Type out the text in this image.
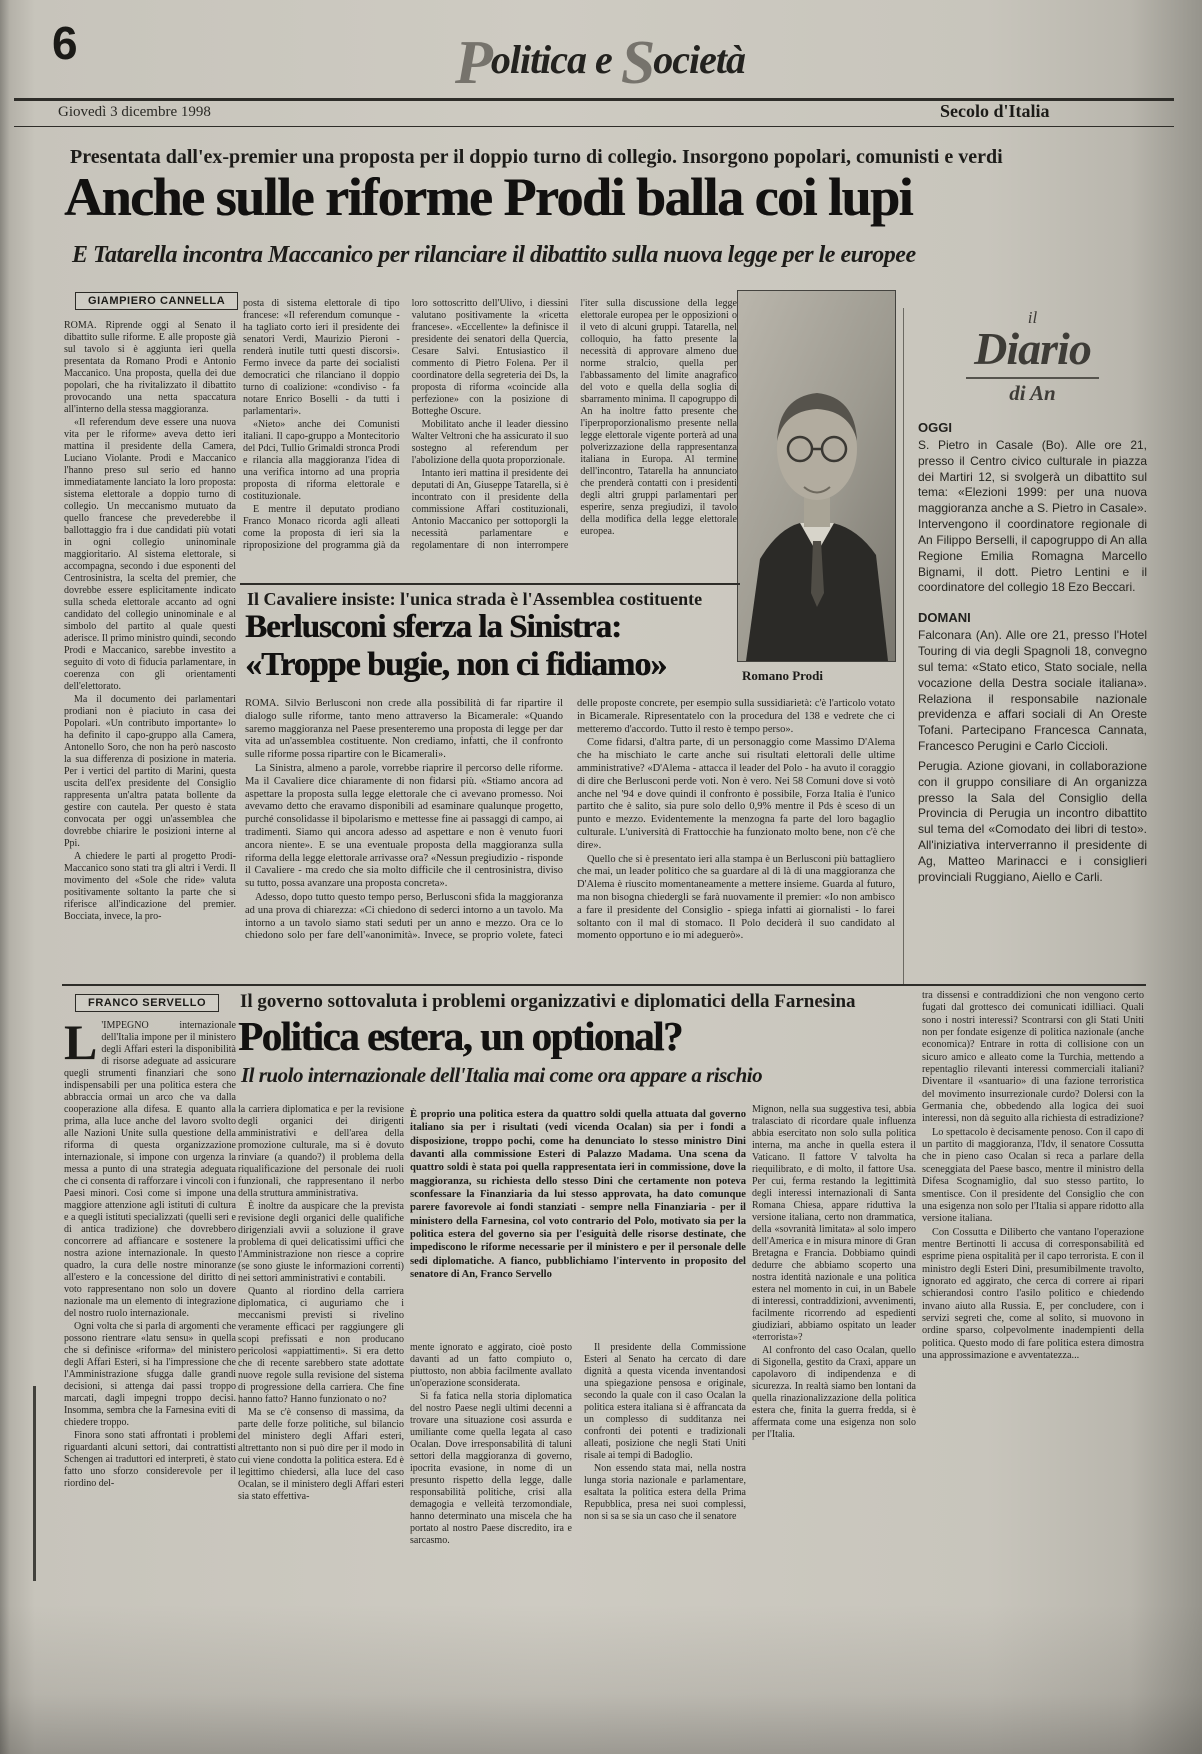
6	Politica e Società
Giovedì 3 dicembre 1998	Secolo d'Italia
Presentata dall'ex-premier una proposta per il doppio turno di collegio. Insorgono popolari, comunisti e verdi
Anche sulle riforme Prodi balla coi lupi
E Tatarella incontra Maccanico per rilanciare il dibattito sulla nuova legge per le europee
GIAMPIERO CANNELLA

ROMA. Riprende oggi al Senato il dibattito sulle riforme. E alle proposte già sul tavolo si è aggiunta ieri quella presentata da Romano Prodi e Antonio Maccanico. Una proposta, quella dei due popolari, che ha rivitalizzato il dibattito provocando una netta spaccatura all'interno della stessa maggioranza.

«Il referendum deve essere una nuova vita per le riforme» aveva detto ieri mattina il presidente della Camera, Luciano Violante. Prodi e Maccanico l'hanno preso sul serio ed hanno immediatamente lanciato la loro proposta: sistema elettorale a doppio turno di collegio. Un meccanismo mutuato da quello francese che prevederebbe il ballottaggio fra i due candidati più votati in ogni collegio uninominale maggioritario. Al sistema elettorale, si accompagna, secondo i due esponenti del Centrosinistra, la scelta del premier, che dovrebbe essere esplicitamente indicato sulla scheda elettorale accanto ad ogni candidato del collegio uninominale e al simbolo del partito al quale questi aderisce. Il primo ministro quindi, secondo Prodi e Maccanico, sarebbe investito a seguito di voto di fiducia parlamentare, in coerenza con gli orientamenti dell'elettorato.

Ma il documento dei parlamentari prodiani non è piaciuto in casa dei Popolari. «Un contributo importante» lo ha definito il capo-gruppo alla Camera, Antonello Soro, che non ha però nascosto la sua differenza di posizione in materia. Per i vertici del partito di Marini, questa uscita dell'ex presidente del Consiglio rappresenta un'altra patata bollente da gestire con cautela. Per questo è stata convocata per oggi un'assemblea che dovrebbe chiarire le posizioni interne al Ppi.

A chiedere le parti al progetto Prodi-Maccanico sono stati tra gli altri i Verdi. Il movimento del «Sole che ride» valuta positivamente soltanto la parte che si riferisce all'indicazione del premier. Bocciata, invece, la pro-

posta di sistema elettorale di tipo francese: «Il referendum comunque - ha tagliato corto ieri il presidente dei senatori Verdi, Maurizio Pieroni - renderà inutile tutti questi discorsi». Fermo invece da parte dei socialisti democratici che rilanciano il doppio turno di coalizione: «condiviso - fa notare Enrico Boselli - da tutti i parlamentari».

«Nieto» anche dei Comunisti italiani. Il capo-gruppo a Montecitorio del Pdci, Tullio Grimaldi stronca Prodi e rilancia alla maggioranza l'idea di una verifica intorno ad una propria proposta di riforma elettorale e costituzionale.

E mentre il deputato prodiano Franco Monaco ricorda agli alleati come la proposta di ieri sia la riproposizione del programma già da loro sottoscritto dell'Ulivo, i diessini valutano positivamente la «ricetta francese». «Eccellente» la definisce il presidente dei senatori della Quercia, Cesare Salvi. Entusiastico il commento di Pietro Folena. Per il coordinatore della segreteria dei Ds, la proposta di riforma «coincide alla perfezione» con la posizione di Botteghe Oscure.

Mobilitato anche il leader diessino Walter Veltroni che ha assicurato il suo sostegno al referendum per l'abolizione della quota proporzionale.

Intanto ieri mattina il presidente dei deputati di An, Giuseppe Tatarella, si è incontrato con il presidente della commissione Affari costituzionali, Antonio Maccanico per sottoporgli la necessità parlamentare e regolamentare di non interrompere l'iter sulla discussione della legge elettorale europea per le opposizioni o il veto di alcuni gruppi. Tatarella, nel colloquio, ha fatto presente la necessità di approvare almeno due norme stralcio, quella per l'abbassamento del limite anagrafico del voto e quella della soglia di sbarramento minima. Il capogruppo di An ha inoltre fatto presente che l'iperproporzionalismo presente nella legge elettorale vigente porterà ad una polverizzazione della rappresentanza italiana in Europa. Al termine dell'incontro, Tatarella ha annunciato che prenderà contatti con i presidenti degli altri gruppi parlamentari per esperire, senza pregiudizi, il tavolo della modifica della legge elettorale europea.

Romano Prodi
il
Diario
di An
OGGI

S. Pietro in Casale (Bo). Alle ore 21, presso il Centro civico culturale in piazza dei Martiri 12, si svolgerà un dibattito sul tema: «Elezioni 1999: per una nuova maggioranza anche a S. Pietro in Casale». Intervengono il coordinatore regionale di An Filippo Berselli, il capogruppo di An alla Regione Emilia Romagna Marcello Bignami, il dott. Pietro Lentini e il coordinatore del collegio 18 Ezo Beccari.

DOMANI

Falconara (An). Alle ore 21, presso l'Hotel Touring di via degli Spagnoli 18, convegno sul tema: «Stato etico, Stato sociale, nella vocazione della Destra sociale italiana». Relaziona il responsabile nazionale previdenza e affari sociali di An Oreste Tofani. Partecipano Francesca Cannata, Francesco Perugini e Carlo Ciccioli.

Perugia. Azione giovani, in collaborazione con il gruppo consiliare di An organizza presso la Sala del Consiglio della Provincia di Perugia un incontro dibattito sul tema del «Comodato dei libri di testo». All'iniziativa interverranno il presidente di Ag, Matteo Marinacci e i consiglieri provinciali Ruggiano, Aiello e Carli.

Il Cavaliere insiste: l'unica strada è l'Assemblea costituente
Berlusconi sferza la Sinistra:
«Troppe bugie, non ci fidiamo»

ROMA. Silvio Berlusconi non crede alla possibilità di far ripartire il dialogo sulle riforme, tanto meno attraverso la Bicamerale: «Quando saremo maggioranza nel Paese presenteremo una proposta di legge per dar vita ad un'assemblea costituente. Non crediamo, infatti, che il confronto sulle riforme possa ripartire con le Bicamerali».

La Sinistra, almeno a parole, vorrebbe riaprire il percorso delle riforme. Ma il Cavaliere dice chiaramente di non fidarsi più. «Stiamo ancora ad aspettare la proposta sulla legge elettorale che ci avevano promesso. Noi avevamo detto che eravamo disponibili ad esaminare qualunque progetto, purché consolidasse il bipolarismo e mettesse fine ai passaggi di campo, ai tradimenti. Siamo qui ancora adesso ad aspettare e non è venuto fuori ancora niente». E se una eventuale proposta della maggioranza sulla riforma della legge elettorale arrivasse ora? «Nessun pregiudizio - risponde il Cavaliere - ma credo che sia molto difficile che il centrosinistra, diviso su tutto, possa avanzare una proposta concreta».

Adesso, dopo tutto questo tempo perso, Berlusconi sfida la maggioranza ad una prova di chiarezza: «Ci chiedono di sederci intorno a un tavolo. Ma intorno a un tavolo siamo stati seduti per un anno e mezzo. Ora ce lo chiedono solo per fare dell'«anonimità». Invece, se proprio volete, fateci delle proposte concrete, per esempio sulla sussidiarietà: c'è l'articolo votato in Bicamerale. Ripresentatelo con la procedura del 138 e vedrete che ci metteremo d'accordo. Tutto il resto è tempo perso».

Come fidarsi, d'altra parte, di un personaggio come Massimo D'Alema che ha mischiato le carte anche sui risultati elettorali delle ultime amministrative? «D'Alema - attacca il leader del Polo - ha avuto il coraggio di dire che Berlusconi perde voti. Non è vero. Nei 58 Comuni dove si votò anche nel '94 e dove quindi il confronto è possibile, Forza Italia è l'unico partito che è salito, sia pure solo dello 0,9% mentre il Pds è sceso di un punto e mezzo. Evidentemente la menzogna fa parte del loro bagaglio culturale. L'università di Frattocchie ha funzionato molto bene, non c'è che dire».

Quello che si è presentato ieri alla stampa è un Berlusconi più battagliero che mai, un leader politico che sa guardare al di là di una maggioranza che D'Alema è riuscito momentaneamente a mettere insieme. Guarda al futuro, ma non bisogna chiedergli se farà nuovamente il premier: «Io non ambisco a fare il presidente del Consiglio - spiega infatti ai giornalisti - lo farei soltanto con il mal di stomaco. Il Polo deciderà il suo candidato al momento opportuno e io mi adeguerò».

FRANCO SERVELLO	Il governo sottovaluta i problemi organizzativi e diplomatici della Farnesina
Politica estera, un optional?
Il ruolo internazionale dell'Italia mai come ora appare a rischio
L 'IMPEGNO internazionale dell'Italia impone per il ministero degli Affari esteri la disponibilità di risorse adeguate ad assicurare quegli strumenti finanziari che sono indispensabili per una politica estera che abbraccia ormai un arco che va dalla cooperazione alla difesa. E quanto alla prima, alla luce anche del lavoro svolto alle Nazioni Unite sulla questione della riforma di questa organizzazione internazionale, si impone con urgenza la messa a punto di una strategia adeguata che ci consenta di rafforzare i vincoli con i Paesi minori. Così come si impone una maggiore attenzione agli istituti di cultura e a quegli istituti specializzati (quelli seri e di antica tradizione) che dovrebbero concorrere ad affiancare e sostenere la nostra azione internazionale. In questo quadro, la cura delle nostre minoranze all'estero e la concessione del diritto di voto rappresentano non solo un dovere nazionale ma un elemento di integrazione del nostro ruolo internazionale.

Ogni volta che si parla di argomenti che possono rientrare «latu sensu» in quella che si definisce «riforma» del ministero degli Affari Esteri, si ha l'impressione che l'Amministrazione sfugga dalle grandi decisioni, si attenga dai passi troppo marcati, dagli impegni troppo decisi. Insomma, sembra che la Farnesina eviti di chiedere troppo.

Finora sono stati affrontati i problemi riguardanti alcuni settori, dai contrattisti Schengen ai traduttori ed interpreti, è stato fatto uno sforzo considerevole per il riordino del-

la carriera diplomatica e per la revisione degli organici dei dirigenti amministrativi e dell'area della promozione culturale, ma si è dovuto rinviare (a quando?) il problema della riqualificazione del personale dei ruoli funzionali, che rappresentano il nerbo della struttura amministrativa.

È inoltre da auspicare che la prevista revisione degli organici delle qualifiche dirigenziali avvii a soluzione il grave problema di quei delicatissimi uffici che l'Amministrazione non riesce a coprire (se sono giuste le informazioni correnti) nei settori amministrativi e contabili.

Quanto al riordino della carriera diplomatica, ci auguriamo che i meccanismi previsti si rivelino veramente efficaci per raggiungere gli scopi prefissati e non producano pericolosi «appiattimenti». Si era detto che di recente sarebbero state adottate nuove regole sulla revisione del sistema di progressione della carriera. Che fine hanno fatto? Hanno funzionato o no?

Ma se c'è consenso di massima, da parte delle forze politiche, sul bilancio del ministero degli Affari esteri, altrettanto non si può dire per il modo in cui viene condotta la politica estera. Ed è legittimo chiedersi, alla luce del caso Ocalan, se il ministero degli Affari esteri sia stato effettiva-

È proprio una politica estera da quattro soldi quella attuata dal governo italiano sia per i risultati (vedi vicenda Ocalan) sia per i fondi a disposizione, troppo pochi, come ha denunciato lo stesso ministro Dini davanti alla commissione Esteri di Palazzo Madama. Una scena da quattro soldi è stata poi quella rappresentata ieri in commissione, dove la maggioranza, su richiesta dello stesso Dini che certamente non poteva sconfessare la Finanziaria da lui stesso approvata, ha dato comunque parere favorevole ai fondi stanziati - sempre nella Finanziaria - per il ministero della Farnesina, col voto contrario del Polo, motivato sia per la politica estera del governo sia per l'esiguità delle risorse destinate, che impediscono le riforme necessarie per il ministero e per il personale delle sedi diplomatiche. A fianco, pubblichiamo l'intervento in proposito del senatore di An, Franco Servello

mente ignorato e aggirato, cioè posto davanti ad un fatto compiuto o, piuttosto, non abbia facilmente avallato un'operazione sconsiderata.

Si fa fatica nella storia diplomatica del nostro Paese negli ultimi decenni a trovare una situazione così assurda e umiliante come quella legata al caso Ocalan. Dove irresponsabilità di taluni settori della maggioranza di governo, ipocrita evasione, in nome di un presunto rispetto della legge, dalle responsabilità politiche, crisi alla demagogia e velleità terzomondiale, hanno determinato una miscela che ha portato al nostro Paese discredito, ira e sarcasmo.

Il presidente della Commissione Esteri al Senato ha cercato di dare dignità a questa vicenda inventandosi una spiegazione pensosa e originale, secondo la quale con il caso Ocalan la politica estera italiana si è affrancata da un complesso di sudditanza nei confronti dei potenti e tradizionali alleati, posizione che negli Stati Uniti risale ai tempi di Badoglio.

Non essendo stata mai, nella nostra lunga storia nazionale e parlamentare, esaltata la politica estera della Prima Repubblica, presa nei suoi complessi, non si sa se sia un caso che il senatore

Mignon, nella sua suggestiva tesi, abbia tralasciato di ricordare quale influenza abbia esercitato non solo sulla politica interna, ma anche in quella estera il Vaticano. Il fattore V talvolta ha riequilibrato, e di molto, il fattore Usa. Per cui, ferma restando la legittimità degli interessi internazionali di Santa Romana Chiesa, appare riduttiva la versione italiana, certo non drammatica, della «sovranità limitata» al solo impero dell'America e in misura minore di Gran Bretagna e Francia. Dobbiamo quindi dedurre che abbiamo scoperto una nostra identità nazionale e una politica estera nel momento in cui, in un Babele di interessi, contraddizioni, avvenimenti, facilmente ricorrendo ad espedienti giudiziari, abbiamo ospitato un leader «terrorista»?

Al confronto del caso Ocalan, quello di Sigonella, gestito da Craxi, appare un capolavoro di indipendenza e di sicurezza. In realtà siamo ben lontani da quella rinazionalizzazione della politica estera che, finita la guerra fredda, si è affermata come una esigenza non solo per l'Italia.

tra dissensi e contraddizioni che non vengono certo fugati dal grottesco dei comunicati idilliaci. Quali sono i nostri interessi? Scontrarsi con gli Stati Uniti non per fondate esigenze di politica nazionale (anche economica)? Entrare in rotta di collisione con un sicuro amico e alleato come la Turchia, mettendo a repentaglio rilevanti interessi commerciali italiani? Diventare il «santuario» di una fazione terroristica del movimento insurrezionale curdo? Dolersi con la Germania che, obbedendo alla logica dei suoi interessi, non dà seguito alla richiesta di estradizione?

Lo spettacolo è decisamente penoso. Con il capo di un partito di maggioranza, l'Idv, il senatore Cossutta che in pieno caso Ocalan si reca a parlare della sceneggiata del Paese basco, mentre il ministro della Difesa Scognamiglio, dal suo stesso partito, lo smentisce. Con il presidente del Consiglio che con una esigenza non solo per l'Italia si appare ridotto alla versione italiana.

Con Cossutta e Diliberto che vantano l'operazione mentre Bertinotti li accusa di corresponsabilità ed esprime piena ospitalità per il capo terrorista. E con il ministro degli Esteri Dini, presumibilmente travolto, ignorato ed aggirato, che cerca di correre ai ripari schierandosi contro l'asilo politico e chiedendo invano aiuto alla Russia. E, per concludere, con i servizi segreti che, come al solito, si muovono in ordine sparso, colpevolmente inadempienti della politica. Questo modo di fare politica estera dimostra una approssimazione e avventatezza...
